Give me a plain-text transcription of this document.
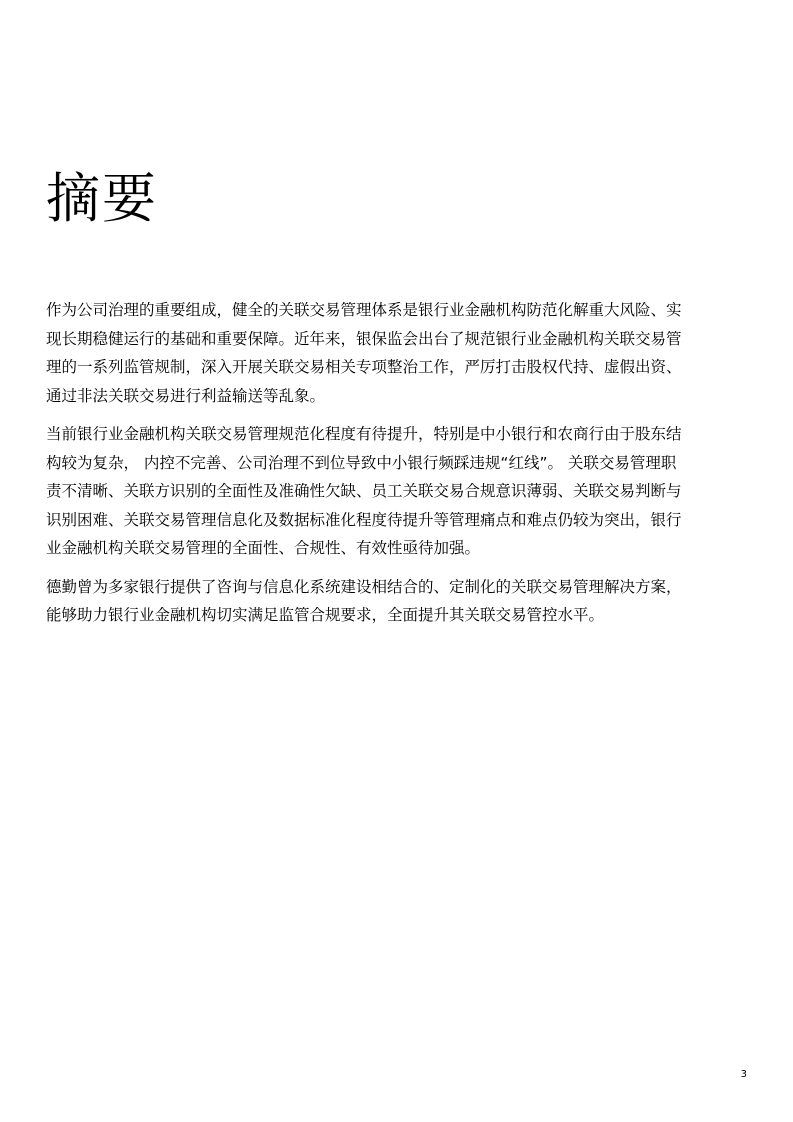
摘要

作为公司治理的重要组成，健全的关联交易管理体系是银行业金融机构防范化解重大风险、实现长期稳健运行的基础和重要保障。近年来，银保监会出台了规范银行业金融机构关联交易管理的一系列监管规制，深入开展关联交易相关专项整治工作，严厉打击股权代持、虚假出资、通过非法关联交易进行利益输送等乱象。

当前银行业金融机构关联交易管理规范化程度有待提升，特别是中小银行和农商行由于股东结构较为复杂， 内控不完善、公司治理不到位导致中小银行频踩违规“红线”。 关联交易管理职责不清晰、关联方识别的全面性及准确性欠缺、员工关联交易合规意识薄弱、关联交易判断与识别困难、关联交易管理信息化及数据标准化程度待提升等管理痛点和难点仍较为突出，银行业金融机构关联交易管理的全面性、合规性、有效性亟待加强。

德勤曾为多家银行提供了咨询与信息化系统建设相结合的、定制化的关联交易管理解决方案，能够助力银行业金融机构切实满足监管合规要求，全面提升其关联交易管控水平。

3
